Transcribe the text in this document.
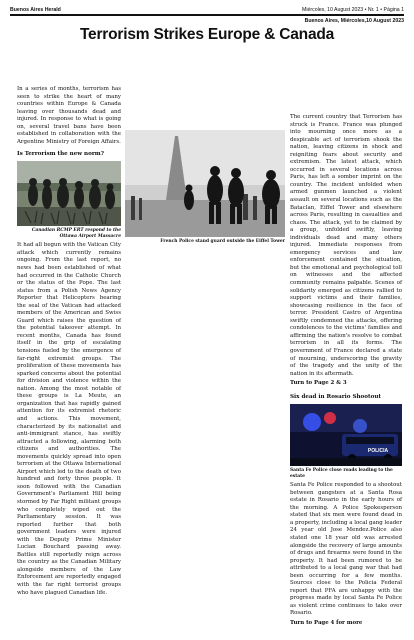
Buenos Aires Herald	Miércoles, 10 August 2023 • Nr. 1 • Página 1
Buenos Aires, Miércoles,10 August 2023
Terrorism Strikes Europe & Canada

In a series of months, terrorism has seen to strike the heart of many countries within Europe & Canada leaving over thousands dead and injured. In response to what is going on, several travel bans have been established in collaboration with the Argentine Ministry of Foreign Affairs.

Is Terrorism the new norm?
Canadian RCMP ERT respond to the Ottawa Airport Massacre

It had all begun with the Vatican City attack which currently remains ongoing. From the last report, no news had been established of what had occurred in the Catholic Church or the status of the Pope. The last status from a Polish News Agency Reporter that Helicopters bearing the seal of the Vatican had attacked members of the American and Swiss Guard which raises the question of the potential takeover attempt. In recent months, Canada has found itself in the grip of escalating tensions fueled by the emergence of far-right extremist groups. The proliferation of these movements has sparked concerns about the potential for division and violence within the nation. Among the most notable of these groups is La Meute, an organization that has rapidly gained attention for its extremist rhetoric and actions. This movement, characterized by its nationalist and anti-immigrant stance, has swiftly attracted a following, alarming both citizens and authorities. The movements quickly spread into open terrorism at the Ottawa International Airport which led to the death of two hundred and forty three people. It soon followed with the Canadian Government's Parliament Hill being stormed by Far Right militant groups who completely wiped out the Parliamentary session. It was reported further that both government leaders were injured with the Deputy Prime Minister Lucian Bouchard passing away. Battles still reportedly reign across the country as the Canadian Military alongside members of the Law Enforcement are reportedly engaged with the far right terrorist groups who have plagued Canadian life.

French Police stand guard outside the Eiffel Tower

The current country that Terrorism has struck is France. France was plunged into mourning once more as a despicable act of terrorism shook the nation, leaving citizens in shock and reigniting fears about security and extremism. The latest attack, which occurred in several locations across Paris, has left a somber imprint on the country. The incident unfolded when armed gunmen launched a violent assault on several locations such as the Bataclan, Eiffel Tower and elsewhere across Paris, resulting in casualties and chaos. The attack, yet to be claimed by a group, unfolded swiftly, leaving individuals dead and many others injured. Immediate responses from emergency services and law enforcement contained the situation, but the emotional and psychological toll on witnesses and the affected community remains palpable. Scenes of solidarity emerged as citizens rallied to support victims and their families, showcasing resilience in the face of terror. President Castro of Argentina swiftly condemned the attacks, offering condolences to the victims' families and affirming the nation's resolve to combat terrorism in all its forms. The government of France declared a state of mourning, underscoring the gravity of the tragedy and the unity of the nation in its aftermath.

Turn to Page 2 & 3
Six dead in Rosario Shootout
POLICIA
Santa Fe Police close roads leading to the estate

Santa Fe Police responded to a shootout between gangsters at a Santa Rosa estate in Rosario in the early hours of the morning. A Police Spokesperson stated that six men were found dead in a property, including a local gang leader 24 year old Jose Mendez.Police also stated one 18 year old was arrested alongside the recovery of large amounts of drugs and firearms were found in the property. It had been rumored to be attributed to a local gang war that had been occurring for a few months. Sources close to the Policia Federal report that PFA are unhappy with the progress made by local Santa Fe Police as violent crime continues to take over Rosario.

Turn to Page 4 for more
